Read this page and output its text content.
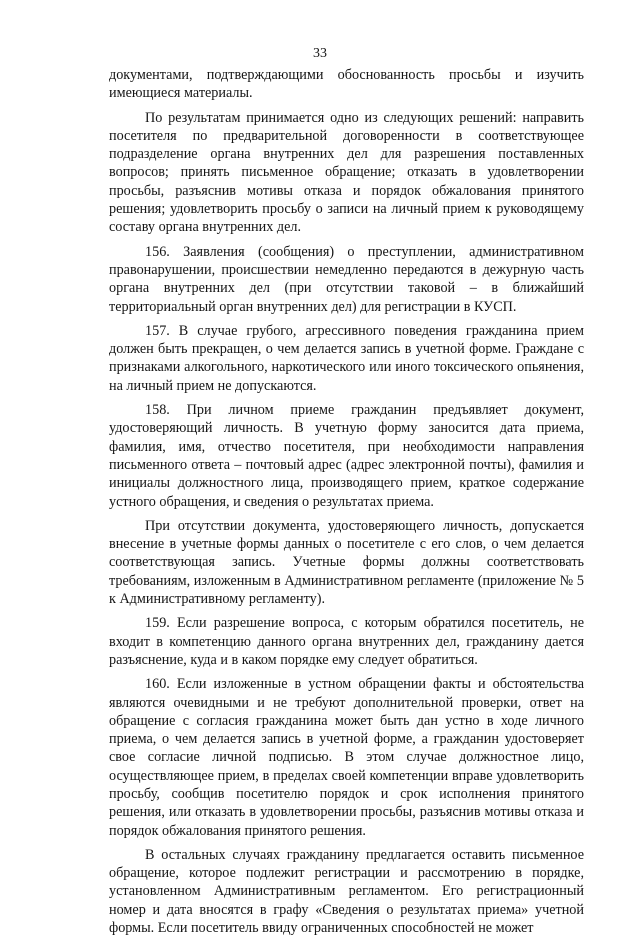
33

документами, подтверждающими обоснованность просьбы и изучить имеющиеся материалы.

По результатам принимается одно из следующих решений: направить посетителя по предварительной договоренности в соответствующее подразделение органа внутренних дел для разрешения поставленных вопросов; принять письменное обращение; отказать в удовлетворении просьбы, разъяснив мотивы отказа и порядок обжалования принятого решения; удовлетворить просьбу о записи на личный прием к руководящему составу органа внутренних дел.

156. Заявления (сообщения) о преступлении, административном правонарушении, происшествии немедленно передаются в дежурную часть органа внутренних дел (при отсутствии таковой – в ближайший территориальный орган внутренних дел) для регистрации в КУСП.

157. В случае грубого, агрессивного поведения гражданина прием должен быть прекращен, о чем делается запись в учетной форме. Граждане с признаками алкогольного, наркотического или иного токсического опьянения, на личный прием не допускаются.

158. При личном приеме гражданин предъявляет документ, удостоверяющий личность. В учетную форму заносится дата приема, фамилия, имя, отчество посетителя, при необходимости направления письменного ответа – почтовый адрес (адрес электронной почты), фамилия и инициалы должностного лица, производящего прием, краткое содержание устного обращения, и сведения о результатах приема.

При отсутствии документа, удостоверяющего личность, допускается внесение в учетные формы данных о посетителе с его слов, о чем делается соответствующая запись. Учетные формы должны соответствовать требованиям, изложенным в Административном регламенте (приложение № 5 к Административному регламенту).

159. Если разрешение вопроса, с которым обратился посетитель, не входит в компетенцию данного органа внутренних дел, гражданину дается разъяснение, куда и в каком порядке ему следует обратиться.

160. Если изложенные в устном обращении факты и обстоятельства являются очевидными и не требуют дополнительной проверки, ответ на обращение с согласия гражданина может быть дан устно в ходе личного приема, о чем делается запись в учетной форме, а гражданин удостоверяет свое согласие личной подписью. В этом случае должностное лицо, осуществляющее прием, в пределах своей компетенции вправе удовлетворить просьбу, сообщив посетителю порядок и срок исполнения принятого решения, или отказать в удовлетворении просьбы, разъяснив мотивы отказа и порядок обжалования принятого решения.

В остальных случаях гражданину предлагается оставить письменное обращение, которое подлежит регистрации и рассмотрению в порядке, установленном Административным регламентом. Его регистрационный номер и дата вносятся в графу «Сведения о результатах приема» учетной формы. Если посетитель ввиду ограниченных способностей не может
